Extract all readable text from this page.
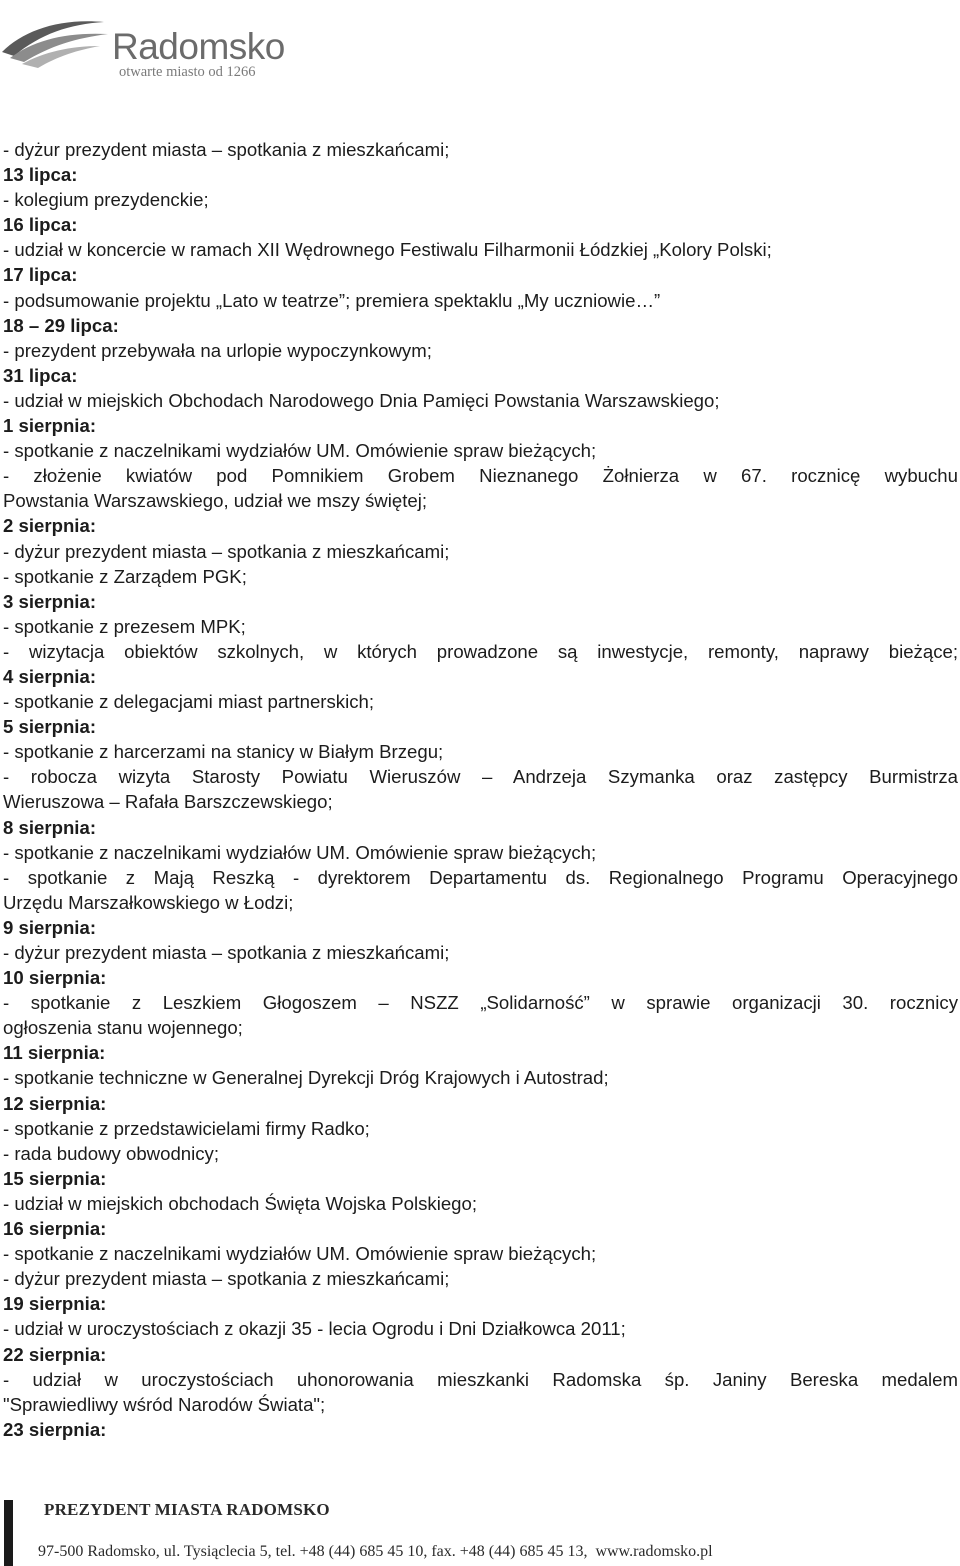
Radomsko
otwarte miasto od 1266

- dyżur prezydent miasta – spotkania z mieszkańcami;

13 lipca:

- kolegium prezydenckie;

16 lipca:

- udział w koncercie w ramach XII Wędrownego Festiwalu Filharmonii Łódzkiej „Kolory Polski;

17 lipca:

- podsumowanie projektu „Lato w teatrze”; premiera spektaklu „My uczniowie…”

18 – 29 lipca:

- prezydent przebywała na urlopie wypoczynkowym;

31 lipca:

- udział w miejskich Obchodach Narodowego Dnia Pamięci Powstania Warszawskiego;

1 sierpnia:

- spotkanie z naczelnikami wydziałów UM. Omówienie spraw bieżących;

- złożenie kwiatów pod Pomnikiem Grobem Nieznanego Żołnierza w 67. rocznicę wybuchu

Powstania Warszawskiego, udział we mszy świętej;

2 sierpnia:

- dyżur prezydent miasta – spotkania z mieszkańcami;

- spotkanie z Zarządem PGK;

3 sierpnia:

- spotkanie z prezesem MPK;

- wizytacja obiektów szkolnych, w których prowadzone są inwestycje, remonty, naprawy bieżące;

4 sierpnia:

- spotkanie z delegacjami miast partnerskich;

5 sierpnia:

- spotkanie z harcerzami na stanicy w Białym Brzegu;

- robocza wizyta Starosty Powiatu Wieruszów – Andrzeja Szymanka oraz zastępcy Burmistrza

Wieruszowa – Rafała Barszczewskiego;

8 sierpnia:

- spotkanie z naczelnikami wydziałów UM. Omówienie spraw bieżących;

- spotkanie z Mają Reszką - dyrektorem Departamentu ds. Regionalnego Programu Operacyjnego

Urzędu Marszałkowskiego w Łodzi;

9 sierpnia:

- dyżur prezydent miasta – spotkania z mieszkańcami;

10 sierpnia:

- spotkanie z Leszkiem Głogoszem – NSZZ „Solidarność” w sprawie organizacji 30. rocznicy

ogłoszenia stanu wojennego;

11 sierpnia:

- spotkanie techniczne w Generalnej Dyrekcji Dróg Krajowych i Autostrad;

12 sierpnia:

- spotkanie z przedstawicielami firmy Radko;

- rada budowy obwodnicy;

15 sierpnia:

- udział w miejskich obchodach Święta Wojska Polskiego;

16 sierpnia:

- spotkanie z naczelnikami wydziałów UM. Omówienie spraw bieżących;

- dyżur prezydent miasta – spotkania z mieszkańcami;

19 sierpnia:

- udział w uroczystościach z okazji 35 - lecia Ogrodu i Dni Działkowca 2011;

22 sierpnia:

- udział w uroczystościach uhonorowania mieszkanki Radomska śp. Janiny Bereska medalem

"Sprawiedliwy wśród Narodów Świata";

23 sierpnia:

PREZYDENT MIASTA RADOMSKO
97-500 Radomsko, ul. Tysiąclecia 5, tel. +48 (44) 685 45 10, fax. +48 (44) 685 45 13,  www.radomsko.pl
